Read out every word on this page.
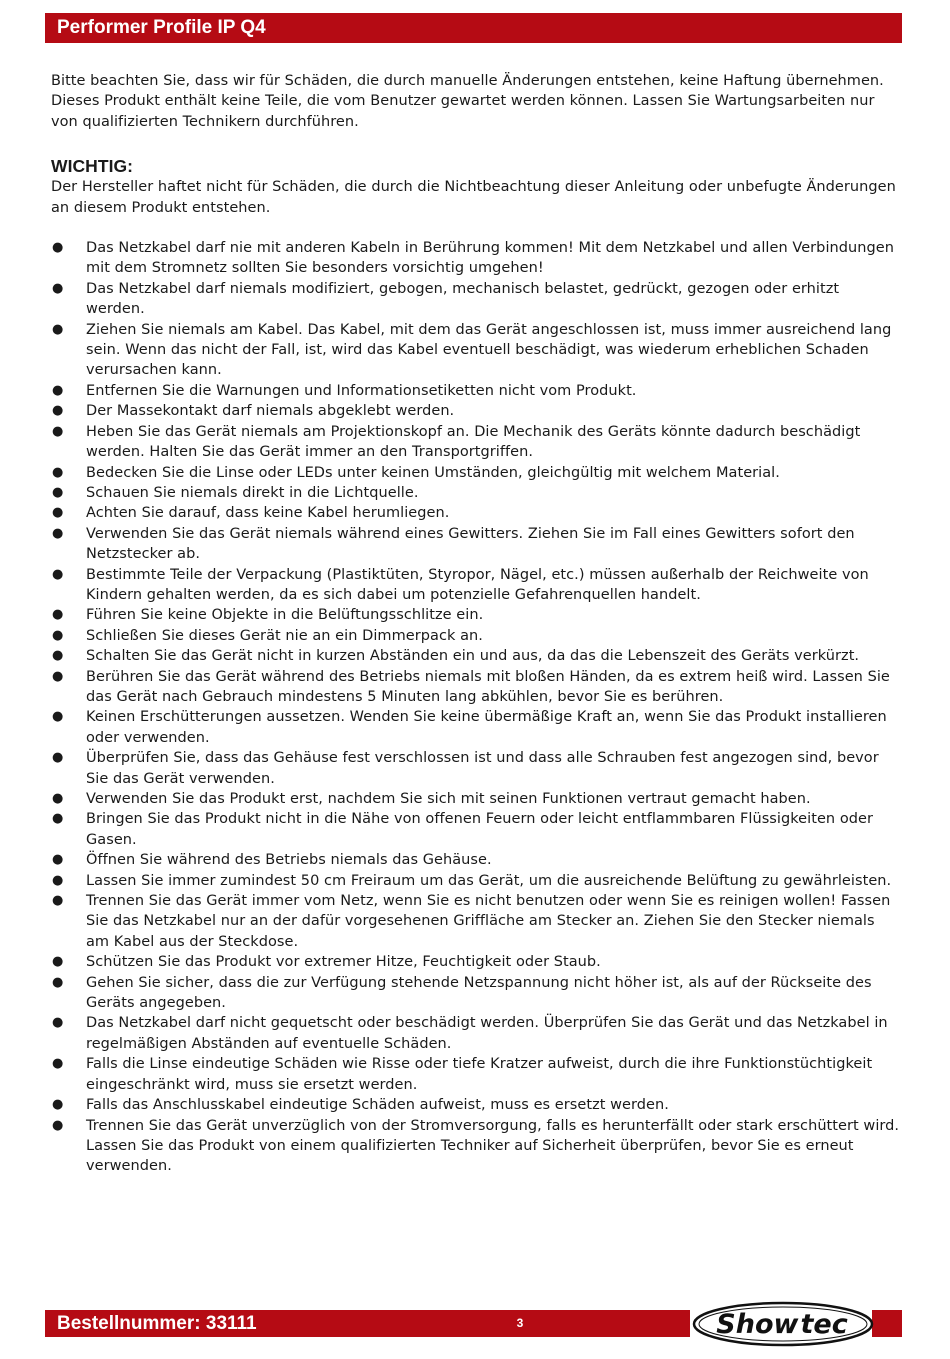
Performer Profile IP Q4

Bitte beachten Sie, dass wir für Schäden, die durch manuelle Änderungen entstehen, keine Haftung übernehmen.

Dieses Produkt enthält keine Teile, die vom Benutzer gewartet werden können. Lassen Sie Wartungsarbeiten nur von qualifizierten Technikern durchführen.

WICHTIG:

Der Hersteller haftet nicht für Schäden, die durch die Nichtbeachtung dieser Anleitung oder unbefugte Änderungen an diesem Produkt entstehen.

● Das Netzkabel darf nie mit anderen Kabeln in Berührung kommen! Mit dem Netzkabel und allen Verbindungen mit dem Stromnetz sollten Sie besonders vorsichtig umgehen!
● Das Netzkabel darf niemals modifiziert, gebogen, mechanisch belastet, gedrückt, gezogen oder erhitzt werden.
● Ziehen Sie niemals am Kabel. Das Kabel, mit dem das Gerät angeschlossen ist, muss immer ausreichend lang sein. Wenn das nicht der Fall, ist, wird das Kabel eventuell beschädigt, was wiederum erheblichen Schaden verursachen kann.
● Entfernen Sie die Warnungen und Informationsetiketten nicht vom Produkt.
● Der Massekontakt darf niemals abgeklebt werden.
● Heben Sie das Gerät niemals am Projektionskopf an. Die Mechanik des Geräts könnte dadurch beschädigt werden. Halten Sie das Gerät immer an den Transportgriffen.
● Bedecken Sie die Linse oder LEDs unter keinen Umständen, gleichgültig mit welchem Material.
● Schauen Sie niemals direkt in die Lichtquelle.
● Achten Sie darauf, dass keine Kabel herumliegen.
● Verwenden Sie das Gerät niemals während eines Gewitters. Ziehen Sie im Fall eines Gewitters sofort den Netzstecker ab.
● Bestimmte Teile der Verpackung (Plastiktüten, Styropor, Nägel, etc.) müssen außerhalb der Reichweite von Kindern gehalten werden, da es sich dabei um potenzielle Gefahrenquellen handelt.
● Führen Sie keine Objekte in die Belüftungsschlitze ein.
● Schließen Sie dieses Gerät nie an ein Dimmerpack an.
● Schalten Sie das Gerät nicht in kurzen Abständen ein und aus, da das die Lebenszeit des Geräts verkürzt.
● Berühren Sie das Gerät während des Betriebs niemals mit bloßen Händen, da es extrem heiß wird. Lassen Sie das Gerät nach Gebrauch mindestens 5 Minuten lang abkühlen, bevor Sie es berühren.
● Keinen Erschütterungen aussetzen. Wenden Sie keine übermäßige Kraft an, wenn Sie das Produkt installieren oder verwenden.
● Überprüfen Sie, dass das Gehäuse fest verschlossen ist und dass alle Schrauben fest angezogen sind, bevor Sie das Gerät verwenden.
● Verwenden Sie das Produkt erst, nachdem Sie sich mit seinen Funktionen vertraut gemacht haben.
● Bringen Sie das Produkt nicht in die Nähe von offenen Feuern oder leicht entflammbaren Flüssigkeiten oder Gasen.
● Öffnen Sie während des Betriebs niemals das Gehäuse.
● Lassen Sie immer zumindest 50 cm Freiraum um das Gerät, um die ausreichende Belüftung zu gewährleisten.
● Trennen Sie das Gerät immer vom Netz, wenn Sie es nicht benutzen oder wenn Sie es reinigen wollen! Fassen Sie das Netzkabel nur an der dafür vorgesehenen Griffläche am Stecker an. Ziehen Sie den Stecker niemals am Kabel aus der Steckdose.
● Schützen Sie das Produkt vor extremer Hitze, Feuchtigkeit oder Staub.
● Gehen Sie sicher, dass die zur Verfügung stehende Netzspannung nicht höher ist, als auf der Rückseite des Geräts angegeben.
● Das Netzkabel darf nicht gequetscht oder beschädigt werden. Überprüfen Sie das Gerät und das Netzkabel in regelmäßigen Abständen auf eventuelle Schäden.
● Falls die Linse eindeutige Schäden wie Risse oder tiefe Kratzer aufweist, durch die ihre Funktionstüchtigkeit eingeschränkt wird, muss sie ersetzt werden.
● Falls das Anschlusskabel eindeutige Schäden aufweist, muss es ersetzt werden.
● Trennen Sie das Gerät unverzüglich von der Stromversorgung, falls es herunterfällt oder stark erschüttert wird. Lassen Sie das Produkt von einem qualifizierten Techniker auf Sicherheit überprüfen, bevor Sie es erneut verwenden.
Bestellnummer: 33111	3	Showtec
